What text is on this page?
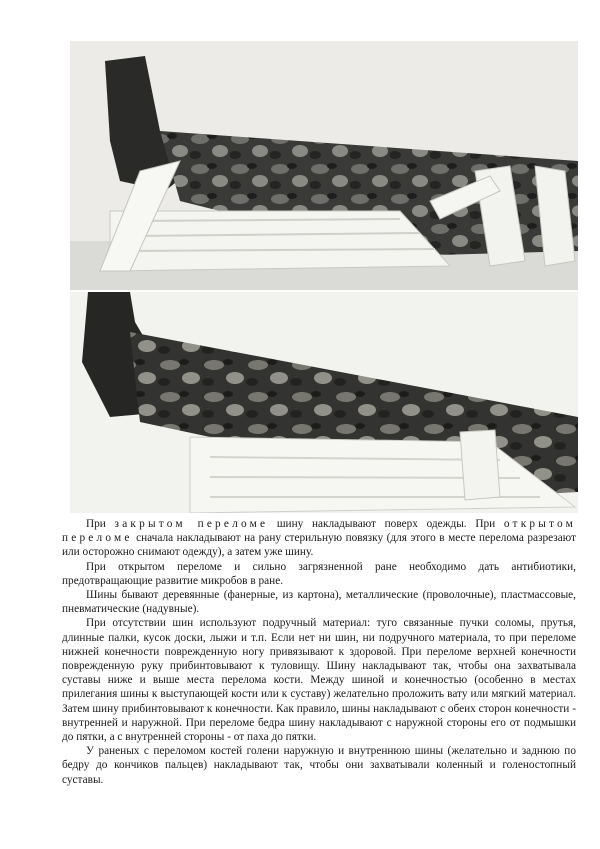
При закрытом переломе шину накладывают поверх одежды. При открытом переломе сначала накладывают на рану стерильную повязку (для этого в месте перелома разрезают или осторожно снимают одежду), а затем уже шину.

При открытом переломе и сильно загрязненной ране необходимо дать антибиотики, предотвращающие развитие микробов в ране.

Шины бывают деревянные (фанерные, из картона), металлические (проволочные), пластмассовые, пневматические (надувные).

При отсутствии шин используют подручный материал: туго связанные пучки соломы, прутья, длинные палки, кусок доски, лыжи и т.п. Если нет ни шин, ни подручного материала, то при переломе нижней конечности поврежденную ногу привязывают к здоровой. При переломе верхней конечности поврежденную руку прибинтовывают к туловищу. Шину накладывают так, чтобы она захватывала суставы ниже и выше места перелома кости. Между шиной и конечностью (особенно в местах прилегания шины к выступающей кости или к суставу) желательно проложить вату или мягкий материал. Затем шину прибинтовывают к конечности. Как правило, шины накладывают с обеих сторон конечности - внутренней и наружной. При переломе бедра шину накладывают с наружной стороны его от подмышки до пятки, а с внутренней стороны - от паха до пятки.

У раненых с переломом костей голени наружную и внутреннюю шины (желательно и заднюю по бедру до кончиков пальцев) накладывают так, чтобы они захватывали коленный и голеностопный суставы.
